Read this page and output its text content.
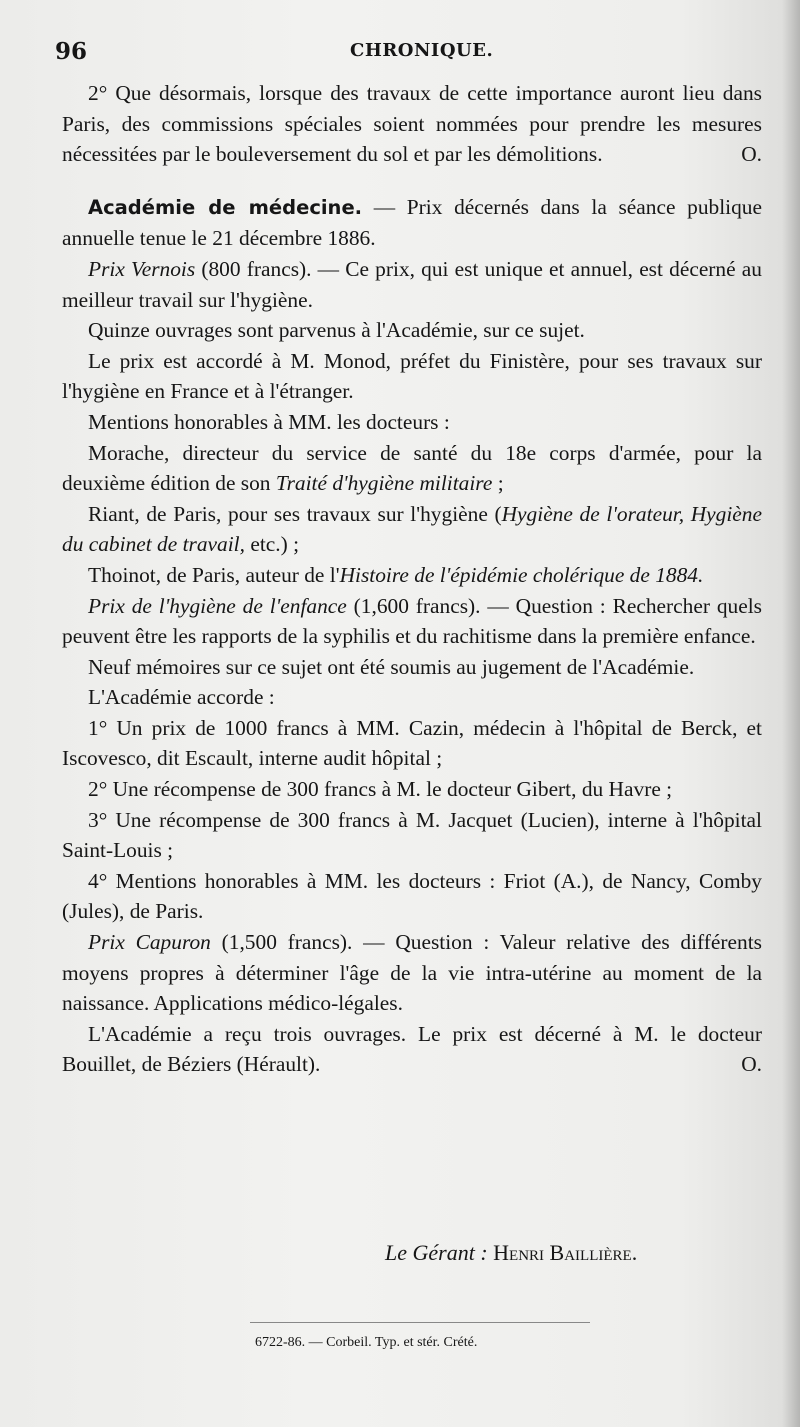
96	CHRONIQUE.

2° Que désormais, lorsque des travaux de cette importance auront lieu dans Paris, des commissions spéciales soient nommées pour prendre les mesures nécessitées par le bouleversement du sol et par les démolitions.	O.

Académie de médecine. — Prix décernés dans la séance publique annuelle tenue le 21 décembre 1886.

Prix Vernois (800 francs). — Ce prix, qui est unique et annuel, est décerné au meilleur travail sur l'hygiène.

Quinze ouvrages sont parvenus à l'Académie, sur ce sujet.

Le prix est accordé à M. Monod, préfet du Finistère, pour ses travaux sur l'hygiène en France et à l'étranger.

Mentions honorables à MM. les docteurs :

Morache, directeur du service de santé du 18e corps d'armée, pour la deuxième édition de son Traité d'hygiène militaire ;

Riant, de Paris, pour ses travaux sur l'hygiène (Hygiène de l'orateur, Hygiène du cabinet de travail, etc.) ;

Thoinot, de Paris, auteur de l'Histoire de l'épidémie cholérique de 1884.

Prix de l'hygiène de l'enfance (1,600 francs). — Question : Rechercher quels peuvent être les rapports de la syphilis et du rachitisme dans la première enfance.

Neuf mémoires sur ce sujet ont été soumis au jugement de l'Académie.

L'Académie accorde :

1° Un prix de 1000 francs à MM. Cazin, médecin à l'hôpital de Berck, et Iscovesco, dit Escault, interne audit hôpital ;

2° Une récompense de 300 francs à M. le docteur Gibert, du Havre ;

3° Une récompense de 300 francs à M. Jacquet (Lucien), interne à l'hôpital Saint-Louis ;

4° Mentions honorables à MM. les docteurs : Friot (A.), de Nancy, Comby (Jules), de Paris.

Prix Capuron (1,500 francs). — Question : Valeur relative des différents moyens propres à déterminer l'âge de la vie intra-utérine au moment de la naissance. Applications médico-légales.

L'Académie a reçu trois ouvrages. Le prix est décerné à M. le docteur Bouillet, de Béziers (Hérault).	O.

Le Gérant : Henri Baillière.
6722-86. — Corbeil. Typ. et stér. Crété.
